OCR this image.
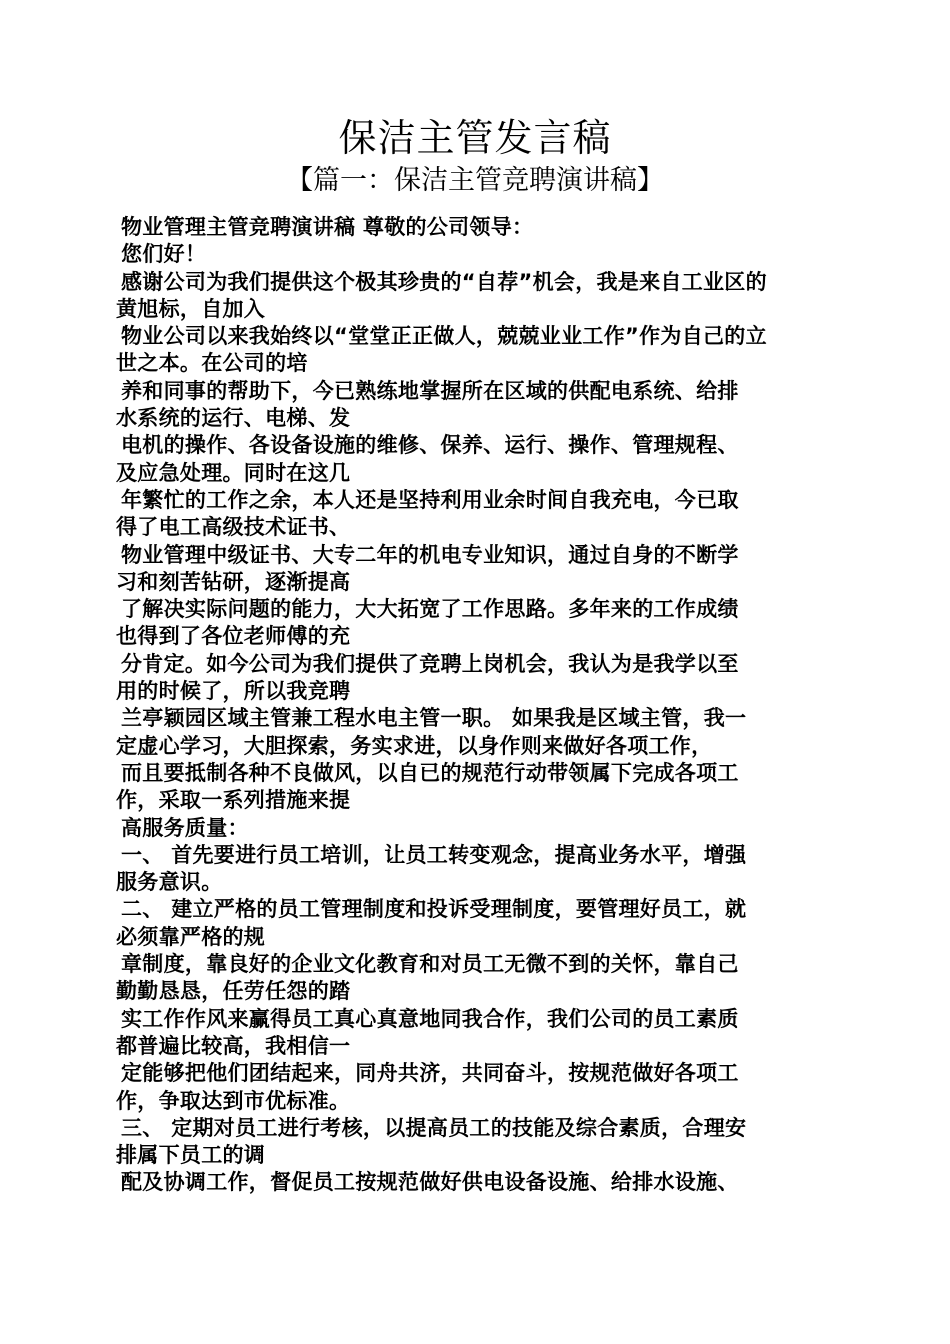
保洁主管发言稿
【篇一：保洁主管竞聘演讲稿】
物业管理主管竞聘演讲稿 尊敬的公司领导：
您们好！
感谢公司为我们提供这个极其珍贵的“自荐”机会，我是来自工业区的
黄旭标，自加入
物业公司以来我始终以“堂堂正正做人，兢兢业业工作”作为自己的立
世之本。在公司的培
养和同事的帮助下，今已熟练地掌握所在区域的供配电系统、给排
水系统的运行、电梯、发
电机的操作、各设备设施的维修、保养、运行、操作、管理规程、
及应急处理。同时在这几
年繁忙的工作之余，本人还是坚持利用业余时间自我充电，今已取
得了电工高级技术证书、
物业管理中级证书、大专二年的机电专业知识，通过自身的不断学
习和刻苦钻研，逐渐提高
了解决实际问题的能力，大大拓宽了工作思路。多年来的工作成绩
也得到了各位老师傅的充
分肯定。如今公司为我们提供了竞聘上岗机会，我认为是我学以至
用的时候了，所以我竞聘
兰亭颖园区域主管兼工程水电主管一职。 如果我是区域主管，我一
定虚心学习，大胆探索，务实求进，以身作则来做好各项工作，
而且要抵制各种不良做风，以自已的规范行动带领属下完成各项工
作，采取一系列措施来提
高服务质量：
一、 首先要进行员工培训，让员工转变观念，提高业务水平，增强
服务意识。
二、 建立严格的员工管理制度和投诉受理制度，要管理好员工，就
必须靠严格的规
章制度，靠良好的企业文化教育和对员工无微不到的关怀，靠自己
勤勤恳恳，任劳任怨的踏
实工作作风来赢得员工真心真意地同我合作，我们公司的员工素质
都普遍比较高，我相信一
定能够把他们团结起来，同舟共济，共同奋斗，按规范做好各项工
作，争取达到市优标准。
三、 定期对员工进行考核，以提高员工的技能及综合素质，合理安
排属下员工的调
配及协调工作，督促员工按规范做好供电设备设施、给排水设施、
